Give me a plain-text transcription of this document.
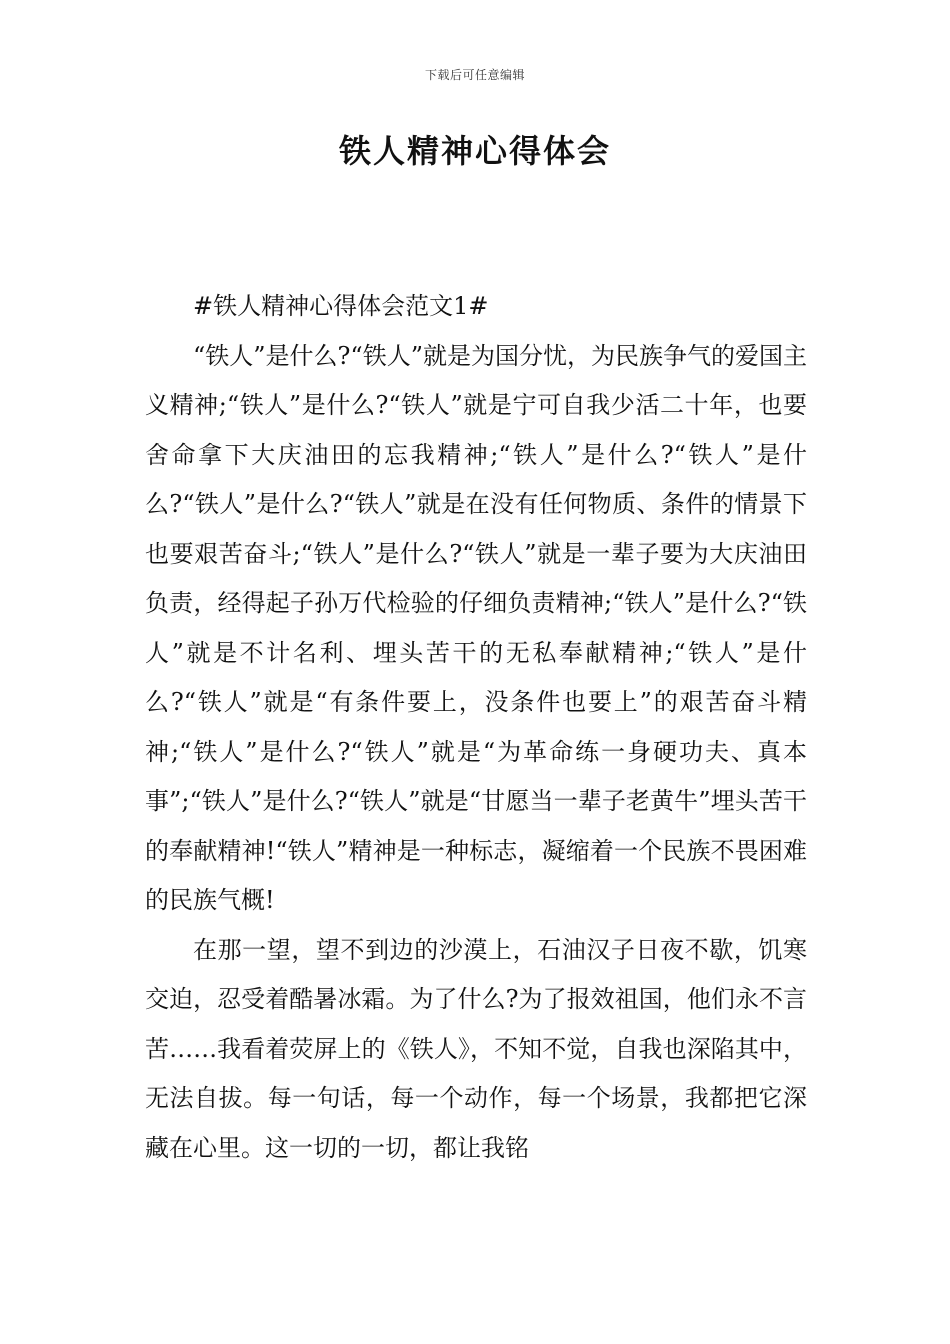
下载后可任意编辑
铁人精神心得体会

#铁人精神心得体会范文1#

“铁人”是什么?“铁人”就是为国分忧，为民族争气的爱国主义精神;“铁人”是什么?“铁人”就是宁可自我少活二十年，也要舍命拿下大庆油田的忘我精神;“铁人”是什么?“铁人”是什么?“铁人”是什么?“铁人”就是在没有任何物质、条件的情景下也要艰苦奋斗;“铁人”是什么?“铁人”就是一辈子要为大庆油田负责，经得起子孙万代检验的仔细负责精神;“铁人”是什么?“铁人”就是不计名利、埋头苦干的无私奉献精神;“铁人”是什么?“铁人”就是“有条件要上，没条件也要上”的艰苦奋斗精神;“铁人”是什么?“铁人”就是“为革命练一身硬功夫、真本事”;“铁人”是什么?“铁人”就是“甘愿当一辈子老黄牛”埋头苦干的奉献精神!“铁人”精神是一种标志，凝缩着一个民族不畏困难的民族气概!

在那一望，望不到边的沙漠上，石油汉子日夜不歇，饥寒交迫，忍受着酷暑冰霜。为了什么?为了报效祖国，他们永不言苦……我看着荧屏上的《铁人》，不知不觉，自我也深陷其中，无法自拔。每一句话，每一个动作，每一个场景，我都把它深藏在心里。这一切的一切，都让我铭
